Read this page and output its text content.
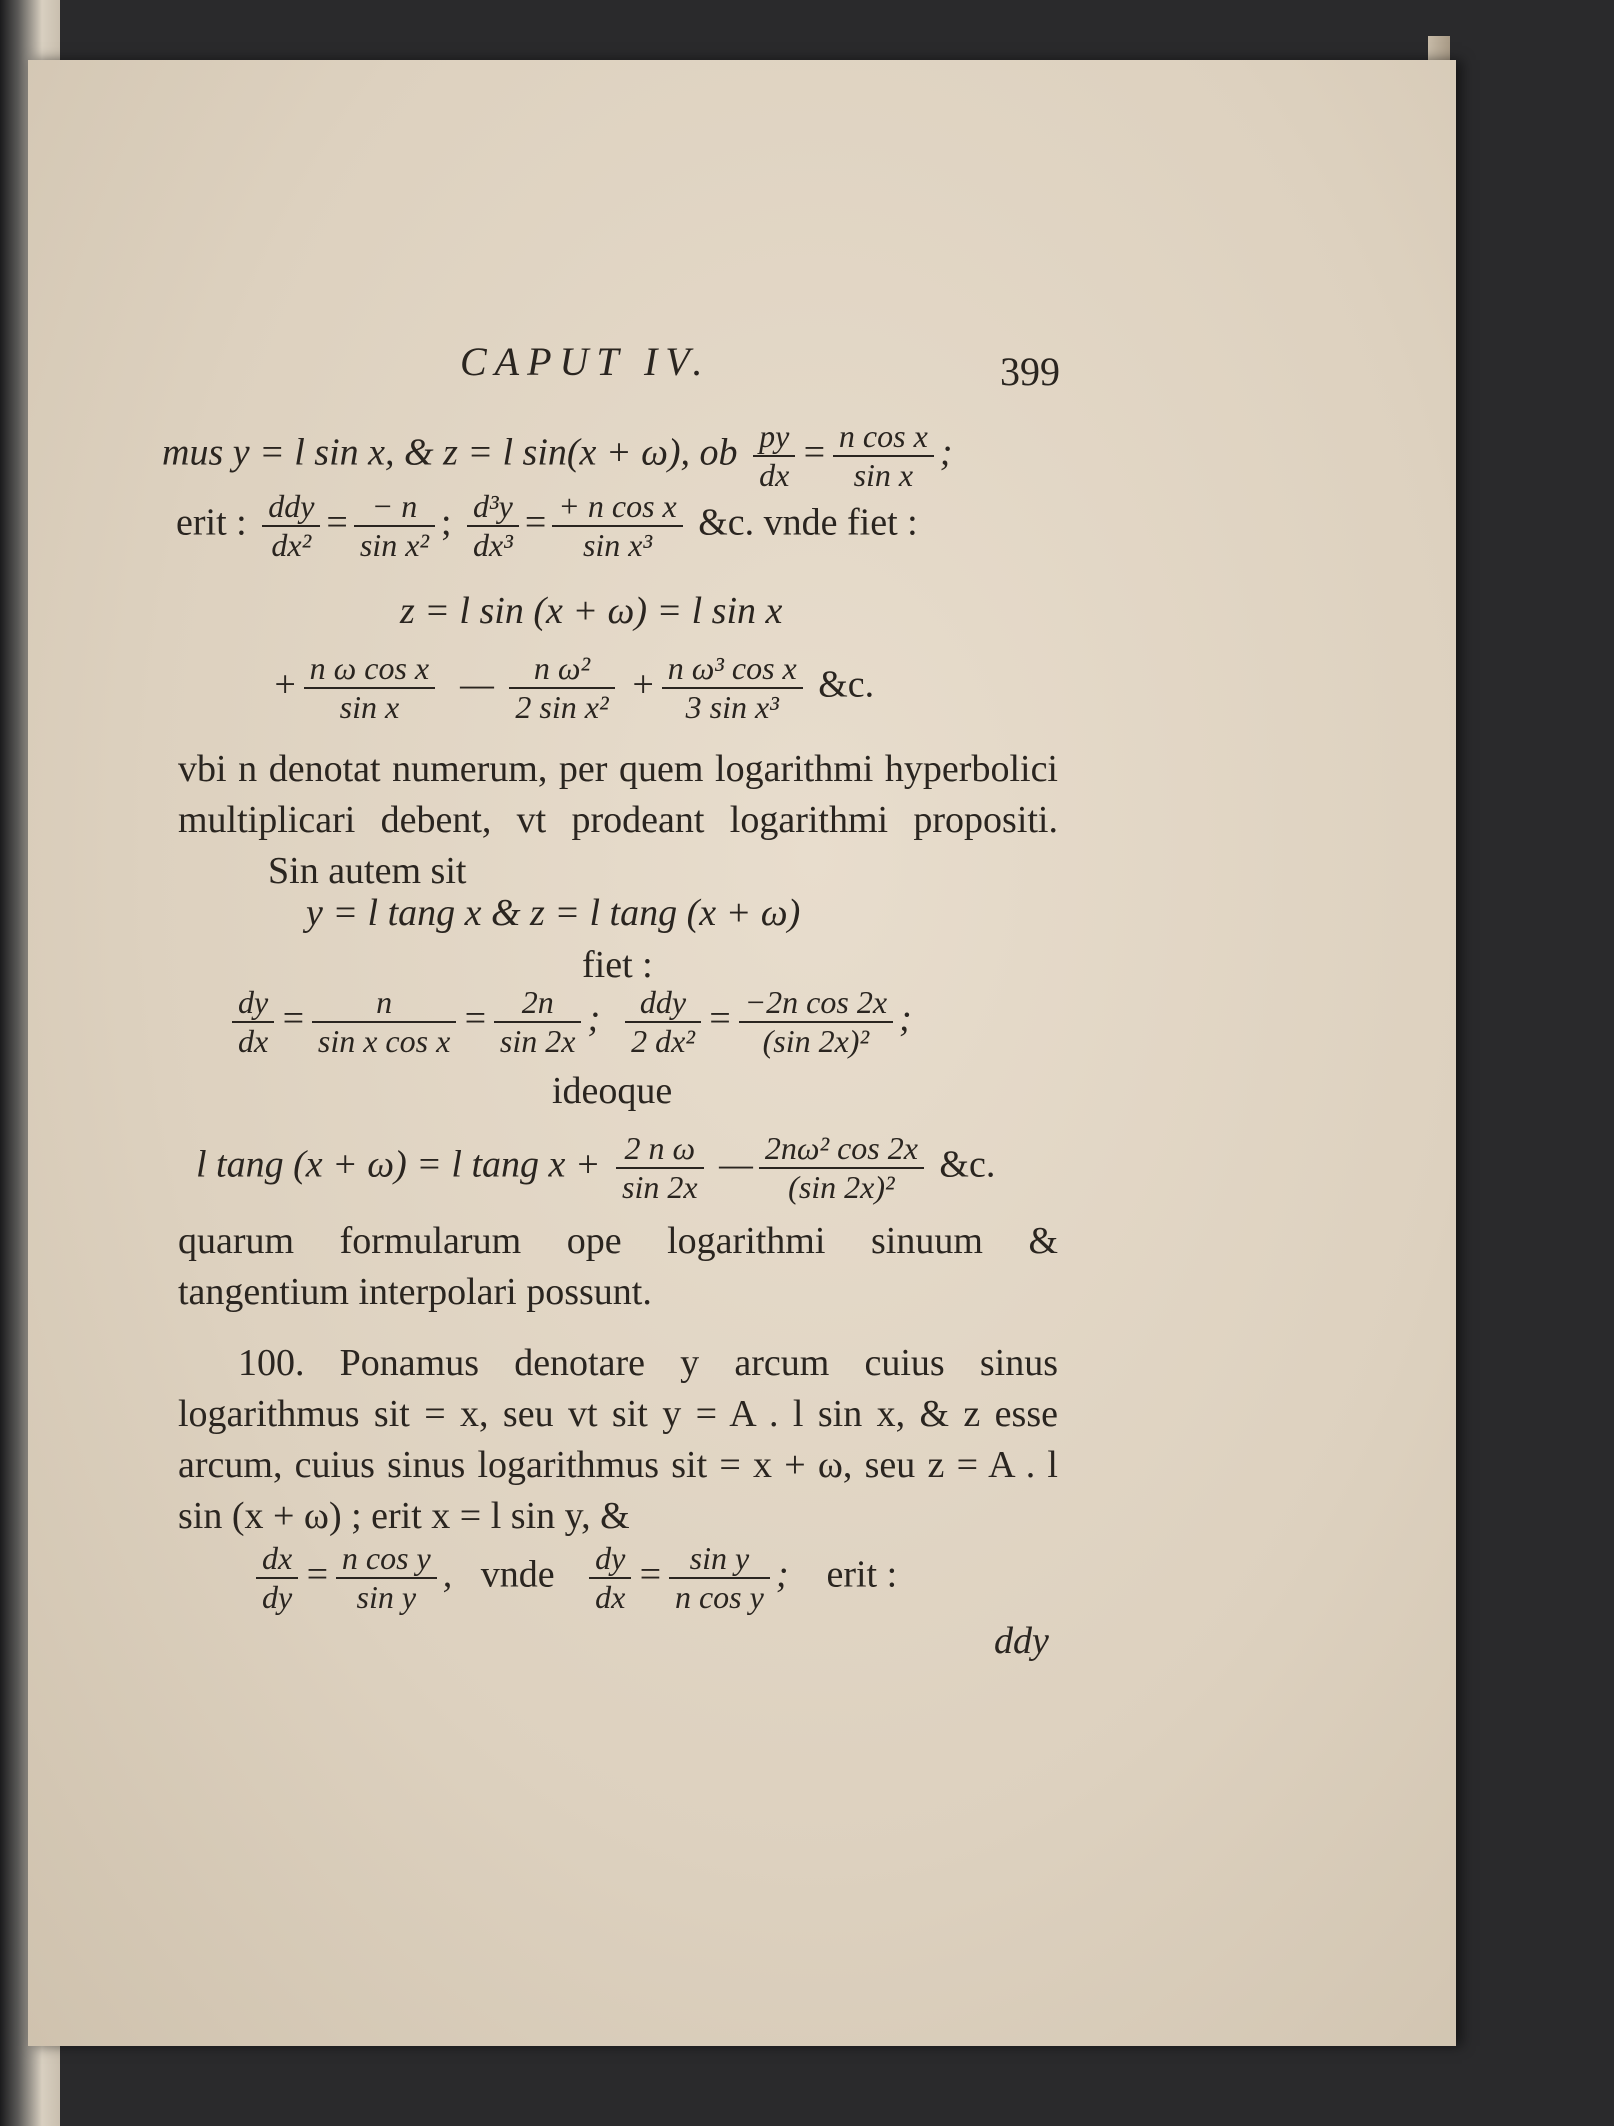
CAPUT IV.	399
mus y = l sin x, & z = l sin(x + ω), ob $\frac{py}{dx} = \frac{\text{n cos x}}{\text{sin x}}$ ;
erit : $\frac{\text{ddy}}{\text{dx²}} = \frac{- n}{\text{sin x²}}$ ; $\frac{\text{d³y}}{\text{dx³}} = \frac{\text{+ n cos x}}{\text{sin x³}}$ &c. vnde fiet :
z = l sin (x + ω) = l sin x
+ $\frac{\text{n ω cos x}}{\text{sin x}}$ — $\frac{\text{n ω²}}{\text{2 sin x²}} + \frac{\text{n ω³ cos x}}{\text{3 sin x³}}$ &c.
vbi n denotat numerum, per quem logarithmi hyperbolici multiplicari debent, vt prodeant logarithmi propositi. Sin autem sit
y = l tang x & z = l tang (x + ω)
fiet :
$\frac{dy}{dx} = \frac{n}{\text{sin x cos x}} = \frac{2n}{\sin 2x}$ ; $\frac{\text{ddy}}{\text{2 dx²}} = \frac{\text{−2n cos 2x}}{\text{(sin 2x)²}}$ ;
ideoque
l tang (x + ω) = l tang $x + \frac{\text{2 n ω}}{\sin 2x}$ — $\frac{\text{2nω² cos 2x}}{\text{(sin 2x)²}}$ &c.
quarum formularum ope logarithmi sinuum & tangentium interpolari possunt.
100. Ponamus denotare y arcum cuius sinus logarithmus sit = x, seu vt sit y = A . l sin x, & z esse arcum, cuius sinus logarithmus sit = x + ω, seu z = A . l sin (x + ω) ; erit x = l sin y, &
$\frac{dx}{dy} = \frac{\text{n cos y}}{\text{sin y}}$ ,   vnde $\frac{dy}{dx} = \frac{\text{sin y}}{\text{n cos y}}$ ;    erit :
ddy
